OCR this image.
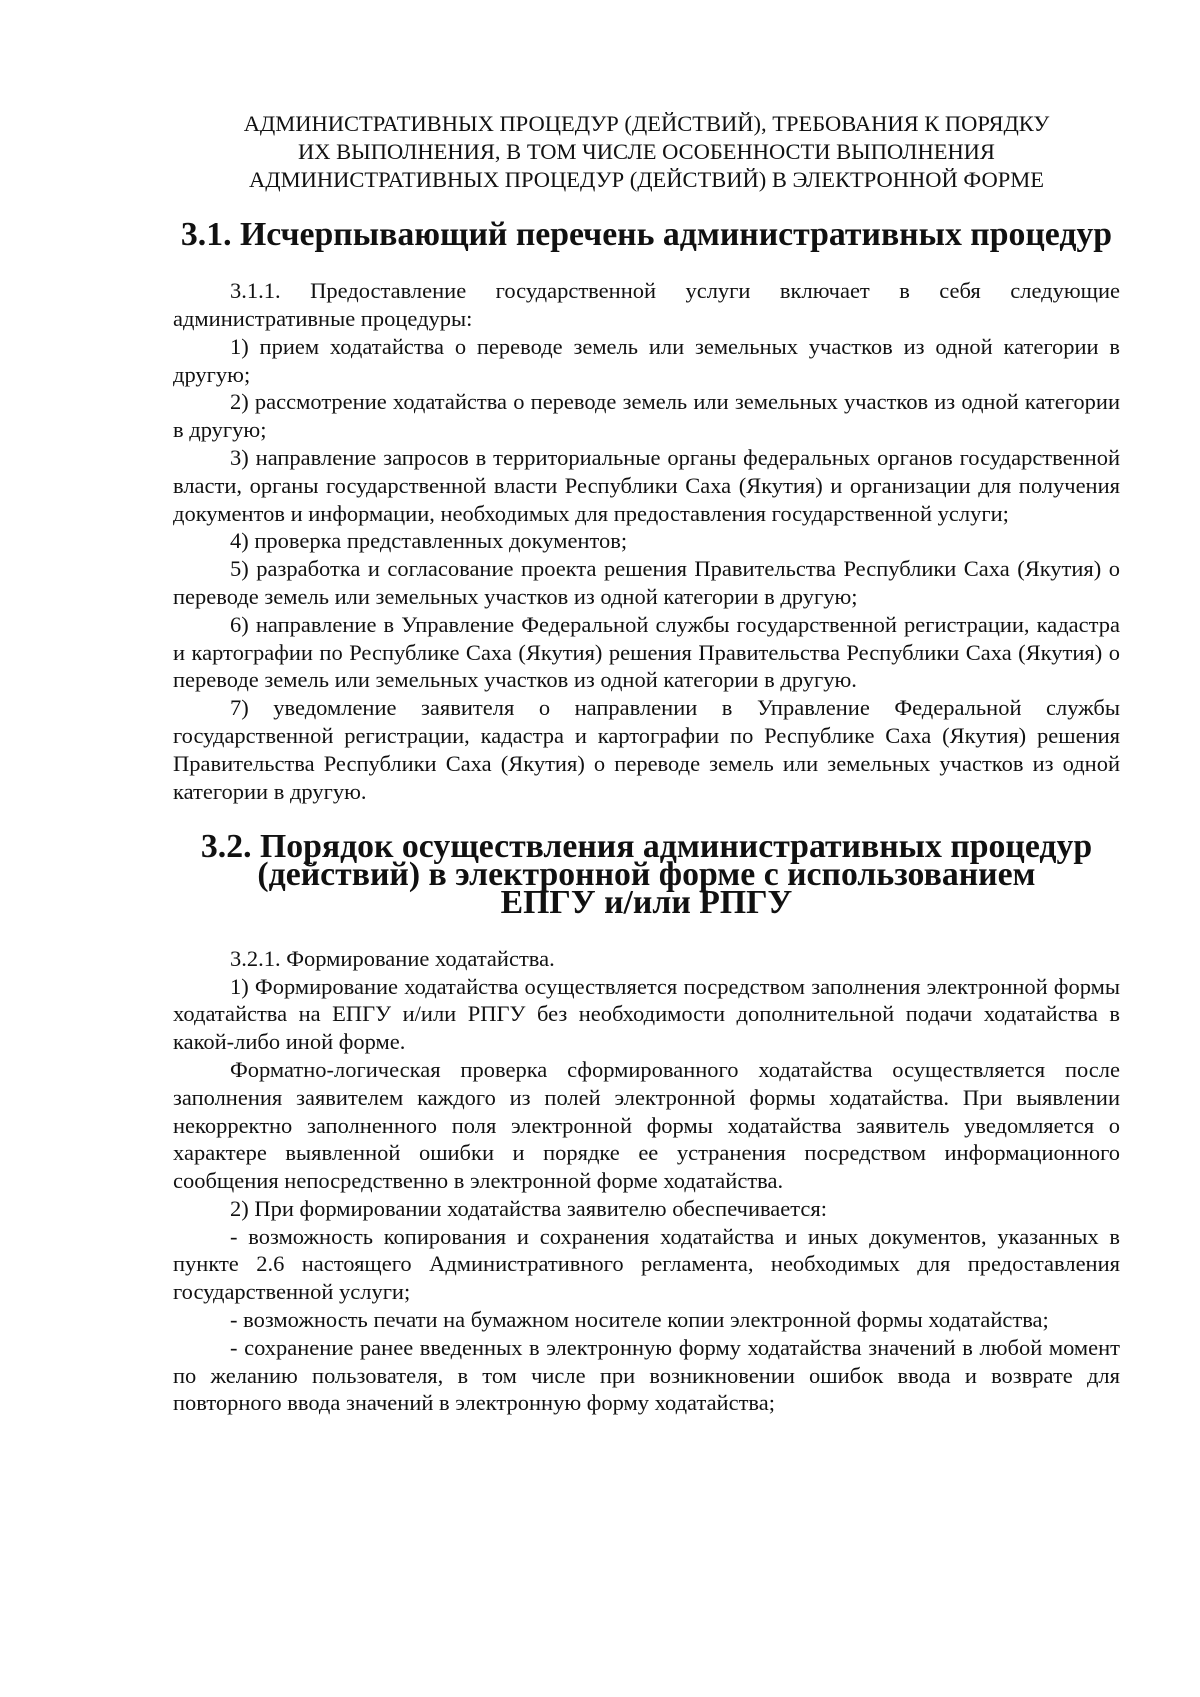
АДМИНИСТРАТИВНЫХ ПРОЦЕДУР (ДЕЙСТВИЙ), ТРЕБОВАНИЯ К ПОРЯДКУ
ИХ ВЫПОЛНЕНИЯ, В ТОМ ЧИСЛЕ ОСОБЕННОСТИ ВЫПОЛНЕНИЯ
АДМИНИСТРАТИВНЫХ ПРОЦЕДУР (ДЕЙСТВИЙ) В ЭЛЕКТРОННОЙ ФОРМЕ
3.1. Исчерпывающий перечень административных процедур

3.1.1. Предоставление государственной услуги включает в себя следующие административные процедуры:

1) прием ходатайства о переводе земель или земельных участков из одной категории в другую;

2) рассмотрение ходатайства о переводе земель или земельных участков из одной категории в другую;

3) направление запросов в территориальные органы федеральных органов государственной власти, органы государственной власти Республики Саха (Якутия) и организации для получения документов и информации, необходимых для предоставления государственной услуги;

4) проверка представленных документов;

5) разработка и согласование проекта решения Правительства Республики Саха (Якутия) о переводе земель или земельных участков из одной категории в другую;

6) направление в Управление Федеральной службы государственной регистрации, кадастра и картографии по Республике Саха (Якутия) решения Правительства Республики Саха (Якутия) о переводе земель или земельных участков из одной категории в другую.

7) уведомление заявителя о направлении в Управление Федеральной службы государственной регистрации, кадастра и картографии по Республике Саха (Якутия) решения Правительства Республики Саха (Якутия) о переводе земель или земельных участков из одной категории в другую.

3.2. Порядок осуществления административных процедур
(действий) в электронной форме с использованием
ЕПГУ и/или РПГУ

3.2.1. Формирование ходатайства.

1) Формирование ходатайства осуществляется посредством заполнения электронной формы ходатайства на ЕПГУ и/или РПГУ без необходимости дополнительной подачи ходатайства в какой-либо иной форме.

Форматно-логическая проверка сформированного ходатайства осуществляется после заполнения заявителем каждого из полей электронной формы ходатайства. При выявлении некорректно заполненного поля электронной формы ходатайства заявитель уведомляется о характере выявленной ошибки и порядке ее устранения посредством информационного сообщения непосредственно в электронной форме ходатайства.

2) При формировании ходатайства заявителю обеспечивается:

- возможность копирования и сохранения ходатайства и иных документов, указанных в пункте 2.6 настоящего Административного регламента, необходимых для предоставления государственной услуги;

- возможность печати на бумажном носителе копии электронной формы ходатайства;

- сохранение ранее введенных в электронную форму ходатайства значений в любой момент по желанию пользователя, в том числе при возникновении ошибок ввода и возврате для повторного ввода значений в электронную форму ходатайства;
